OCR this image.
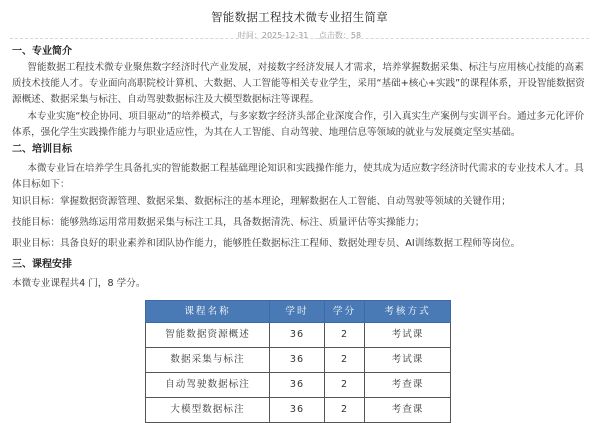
智能数据工程技术微专业招生简章
时间：2025-12-31 点击数：58
一、专业简介

智能数据工程技术微专业聚焦数字经济时代产业发展，对接数字经济发展人才需求，培养掌握数据采集、标注与应用核心技能的高素质技术技能人才。专业面向高职院校计算机、大数据、人工智能等相关专业学生，采用“基础+核心+实践”的课程体系，开设智能数据资源概述、数据采集与标注、自动驾驶数据标注及大模型数据标注等课程。

本专业实施“校企协同、项目驱动”的培养模式，与多家数字经济头部企业深度合作，引入真实生产案例与实训平台。通过多元化评价体系，强化学生实践操作能力与职业适应性，为其在人工智能、自动驾驶、地理信息等领域的就业与发展奠定坚实基础。

二、培训目标

本微专业旨在培养学生具备扎实的智能数据工程基础理论知识和实践操作能力，使其成为适应数字经济时代需求的专业技术人才。具体目标如下：

知识目标：掌握数据资源管理、数据采集、数据标注的基本理论，理解数据在人工智能、自动驾驶等领域的关键作用；

技能目标：能够熟练运用常用数据采集与标注工具，具备数据清洗、标注、质量评估等实操能力；

职业目标：具备良好的职业素养和团队协作能力，能够胜任数据标注工程师、数据处理专员、AI训练数据工程师等岗位。

三、课程安排

本微专业课程共4 门，8 学分。

课程名称	学时	学分	考核方式
智能数据资源概述	36	2	考试课
数据采集与标注	36	2	考试课
自动驾驶数据标注	36	2	考查课
大模型数据标注	36	2	考查课
